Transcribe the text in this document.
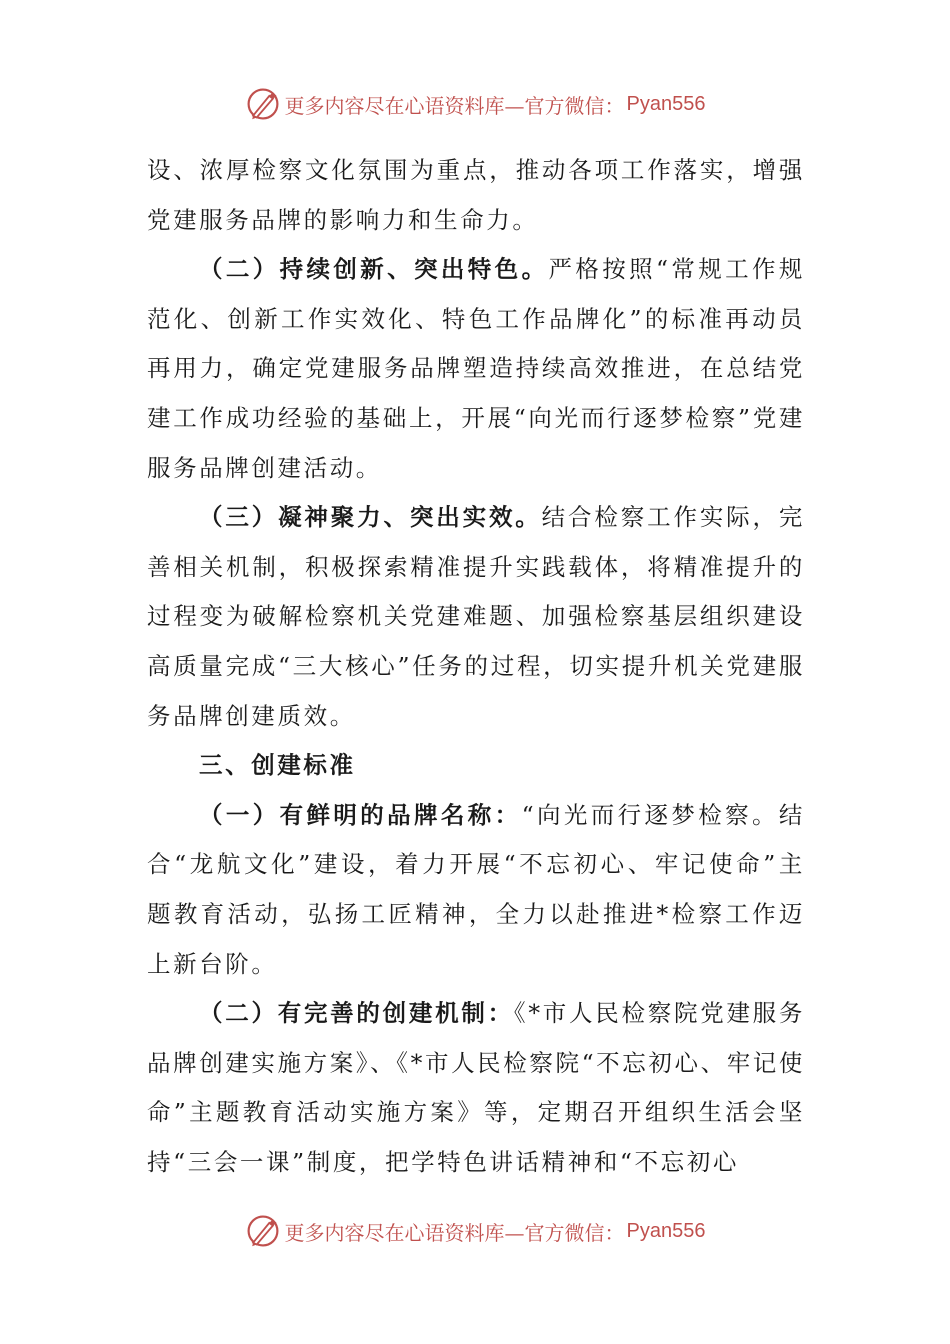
更多内容尽在心语资料库—官方微信： Pyan556

设、浓厚检察文化氛围为重点，推动各项工作落实，增强党建服务品牌的影响力和生命力。

（二）持续创新、突出特色。严格按照“常规工作规范化、创新工作实效化、特色工作品牌化”的标准再动员再用力，确定党建服务品牌塑造持续高效推进，在总结党建工作成功经验的基础上，开展“向光而行逐梦检察”党建服务品牌创建活动。

（三）凝神聚力、突出实效。结合检察工作实际，完善相关机制，积极探索精准提升实践载体，将精准提升的过程变为破解检察机关党建难题、加强检察基层组织建设高质量完成“三大核心”任务的过程，切实提升机关党建服务品牌创建质效。

三、创建标准

（一）有鲜明的品牌名称：“向光而行逐梦检察。结合“龙航文化”建设，着力开展“不忘初心、牢记使命”主题教育活动，弘扬工匠精神，全力以赴推进*检察工作迈上新台阶。

（二）有完善的创建机制：《*市人民检察院党建服务品牌创建实施方案》、《*市人民检察院“不忘初心、牢记使命”主题教育活动实施方案》等，定期召开组织生活会坚持“三会一课”制度，把学特色讲话精神和“不忘初心

更多内容尽在心语资料库—官方微信： Pyan556
